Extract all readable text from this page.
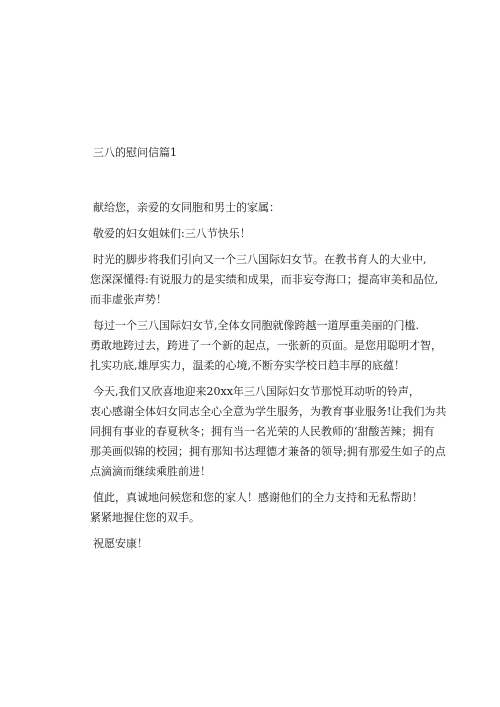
三八的慰问信篇1
献给您，亲爱的女同胞和男士的家属：
敬爱的妇女姐妹们:三八节快乐！
时光的脚步将我们引向又一个三八国际妇女节。在教书育人的大业中,
您深深懂得:有说服力的是实绩和成果，而非妄夸海口；提高审美和品位,
而非虚张声势！
每过一个三八国际妇女节,全体女同胞就像跨越一道厚重美丽的门槛.
勇敢地跨过去，跨进了一个新的起点，一张新的页面。是您用聪明才智，
扎实功底,雄厚实力，温柔的心境,不断夯实学校日趋丰厚的底蕴！
今天,我们又欣喜地迎来20xx年三八国际妇女节那悦耳动听的铃声，
衷心感谢全体妇女同志全心全意为学生服务，为教育事业服务!让我们为共
同拥有事业的春夏秋冬；拥有当一名光荣的人民教师的‘甜酸苦辣；拥有
那美画似锦的校园；拥有那知书达理德才兼备的领导;拥有那爱生如子的点
点滴滴而继续乘胜前进！
值此，真诚地问候您和您的家人！感谢他们的全力支持和无私帮助！
紧紧地握住您的双手。
祝愿安康！
